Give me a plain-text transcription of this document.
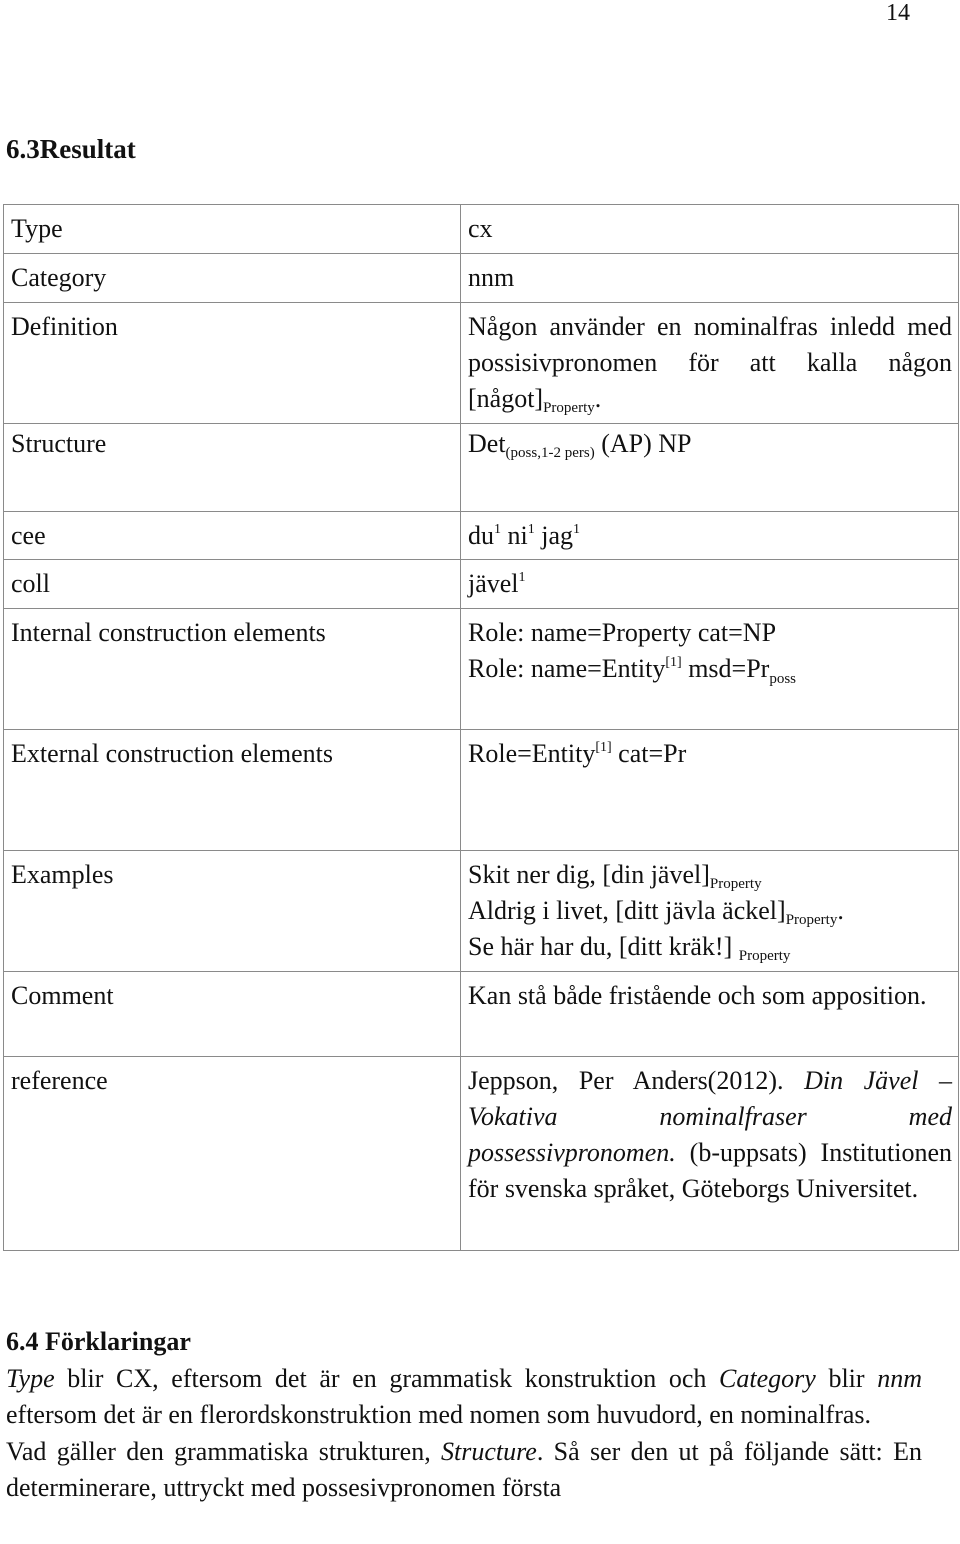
14
6.3Resultat
Type	cx
Category	nnm
Definition	Någon använder en nominalfras inledd med possisivpronomen för att kalla någon $[något]_{Property}$.
Structure	Det$_{(poss,1-2 pers)}$ (AP) NP
cee	$du^1$ $ni^1$ jag$^1$
coll	jävel$^1$
Internal construction elements	Role: name=Property cat=NP
Role: name=Entity[1] $msd=Pr_{poss}$

External construction elements	Role=Entity[1] cat=Pr
Examples	Skit ner dig, [din $jävel]_{Property}$
Aldrig i livet, [ditt jävla $äckel]_{Property}$.
Se här har du, [ditt kräk!] $_{Property}$

Comment	Kan stå både fristående och som apposition.
reference	Jeppson, Per Anders(2012). Din Jävel – Vokativa nominalfraser med possessivpronomen. (b-uppsats) Institutionen för svenska språket, Göteborgs Universitet.

6.4 Förklaringar

Type blir CX, eftersom det är en grammatisk konstruktion och Category blir nnm eftersom det är en flerordskonstruktion med nomen som huvudord, en nominalfras.

Vad gäller den grammatiska strukturen, Structure. Så ser den ut på följande sätt: En determinerare, uttryckt med possesivpronomen första
